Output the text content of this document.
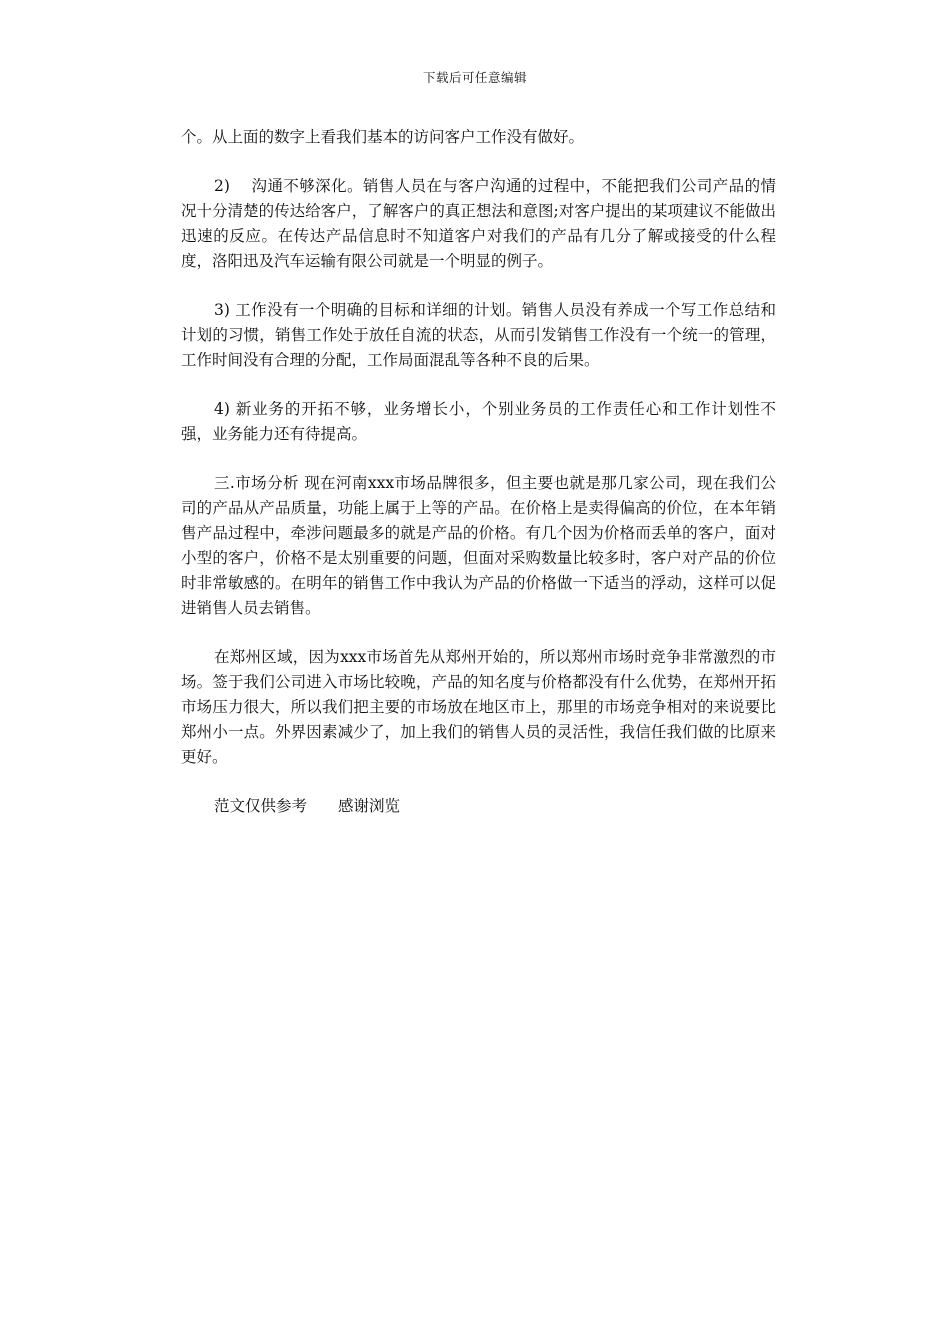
下载后可任意编辑

个。从上面的数字上看我们基本的访问客户工作没有做好。

2)　 沟通不够深化。销售人员在与客户沟通的过程中，不能把我们公司产品的情况十分清楚的传达给客户，了解客户的真正想法和意图;对客户提出的某项建议不能做出迅速的反应。在传达产品信息时不知道客户对我们的产品有几分了解或接受的什么程度，洛阳迅及汽车运输有限公司就是一个明显的例子。

3) 工作没有一个明确的目标和详细的计划。销售人员没有养成一个写工作总结和计划的习惯，销售工作处于放任自流的状态，从而引发销售工作没有一个统一的管理，工作时间没有合理的分配，工作局面混乱等各种不良的后果。

4) 新业务的开拓不够，业务增长小，个别业务员的工作责任心和工作计划性不强，业务能力还有待提高。

三.市场分析 现在河南xxx市场品牌很多，但主要也就是那几家公司，现在我们公司的产品从产品质量，功能上属于上等的产品。在价格上是卖得偏高的价位，在本年销售产品过程中，牵涉问题最多的就是产品的价格。有几个因为价格而丢单的客户，面对小型的客户，价格不是太别重要的问题，但面对采购数量比较多时，客户对产品的价位时非常敏感的。在明年的销售工作中我认为产品的价格做一下适当的浮动，这样可以促进销售人员去销售。

在郑州区域，因为xxx市场首先从郑州开始的，所以郑州市场时竞争非常激烈的市场。签于我们公司进入市场比较晚，产品的知名度与价格都没有什么优势，在郑州开拓市场压力很大，所以我们把主要的市场放在地区市上，那里的市场竞争相对的来说要比郑州小一点。外界因素减少了，加上我们的销售人员的灵活性，我信任我们做的比原来更好。

范文仅供参考　　感谢浏览
